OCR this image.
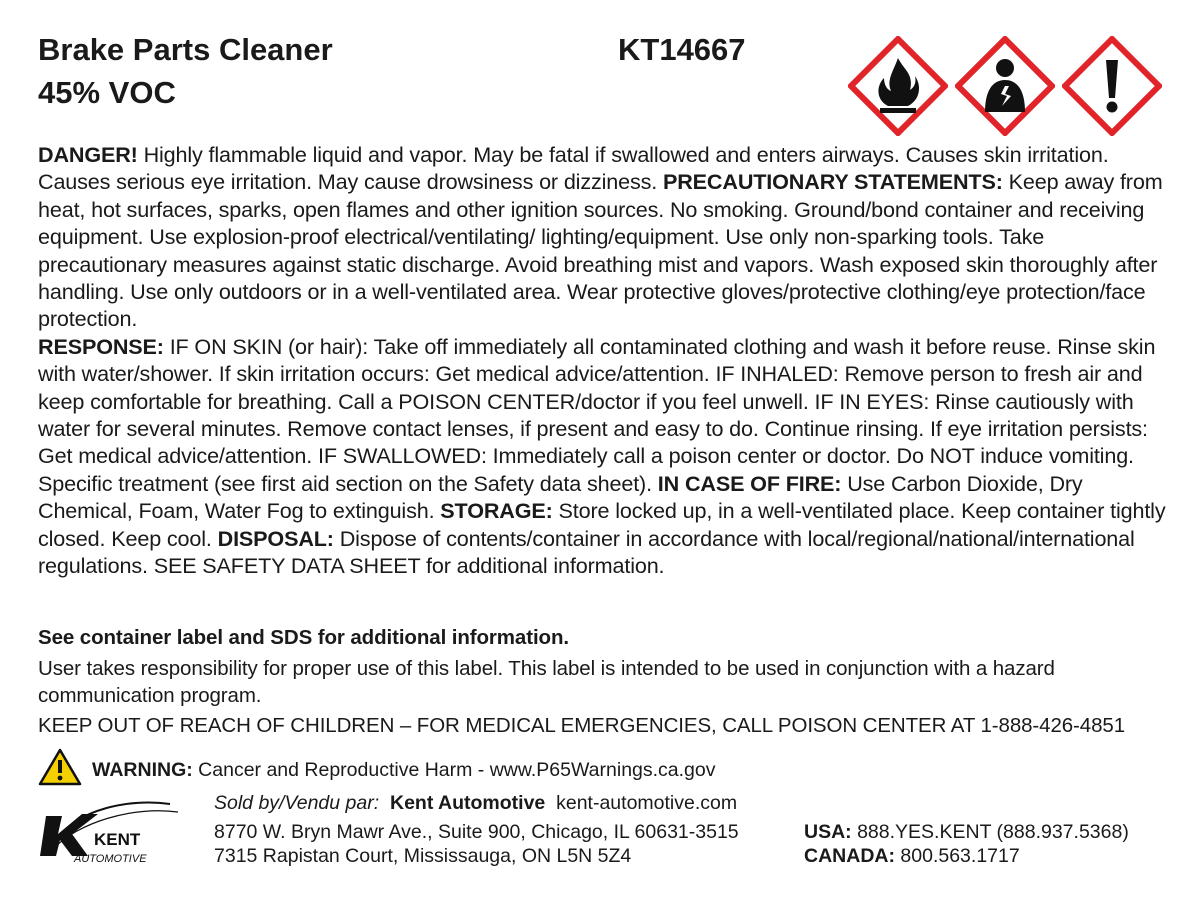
Brake Parts Cleaner
45% VOC
KT14667

DANGER! Highly flammable liquid and vapor. May be fatal if swallowed and enters airways. Causes skin irritation. Causes serious eye irritation. May cause drowsiness or dizziness. PRECAUTIONARY STATEMENTS: Keep away from heat, hot surfaces, sparks, open flames and other ignition sources. No smoking. Ground/bond container and receiving equipment. Use explosion-proof electrical/ventilating/ lighting/equipment. Use only non-sparking tools. Take precautionary measures against static discharge. Avoid breathing mist and vapors. Wash exposed skin thoroughly after handling. Use only outdoors or in a well-ventilated area. Wear protective gloves/protective clothing/eye protection/face protection.

RESPONSE: IF ON SKIN (or hair): Take off immediately all contaminated clothing and wash it before reuse. Rinse skin with water/shower. If skin irritation occurs: Get medical advice/attention. IF INHALED: Remove person to fresh air and keep comfortable for breathing. Call a POISON CENTER/doctor if you feel unwell. IF IN EYES: Rinse cautiously with water for several minutes. Remove contact lenses, if present and easy to do. Continue rinsing. If eye irritation persists: Get medical advice/attention. IF SWALLOWED: Immediately call a poison center or doctor. Do NOT induce vomiting. Specific treatment (see first aid section on the Safety data sheet). IN CASE OF FIRE: Use Carbon Dioxide, Dry Chemical, Foam, Water Fog to extinguish. STORAGE: Store locked up, in a well-ventilated place. Keep container tightly closed. Keep cool. DISPOSAL: Dispose of contents/container in accordance with local/regional/national/international regulations. SEE SAFETY DATA SHEET for additional information.

See container label and SDS for additional information.
User takes responsibility for proper use of this label. This label is intended to be used in conjunction with a hazard communication program.
KEEP OUT OF REACH OF CHILDREN – FOR MEDICAL EMERGENCIES, CALL POISON CENTER AT 1-888-426-4851
WARNING: Cancer and Reproductive Harm - www.P65Warnings.ca.gov
KENT
AUTOMOTIVE
Sold by/Vendu par: Kent Automotive kent-automotive.com
8770 W. Bryn Mawr Ave., Suite 900, Chicago, IL 60631-3515
7315 Rapistan Court, Mississauga, ON L5N 5Z4
USA: 888.YES.KENT (888.937.5368)
CANADA: 800.563.1717
